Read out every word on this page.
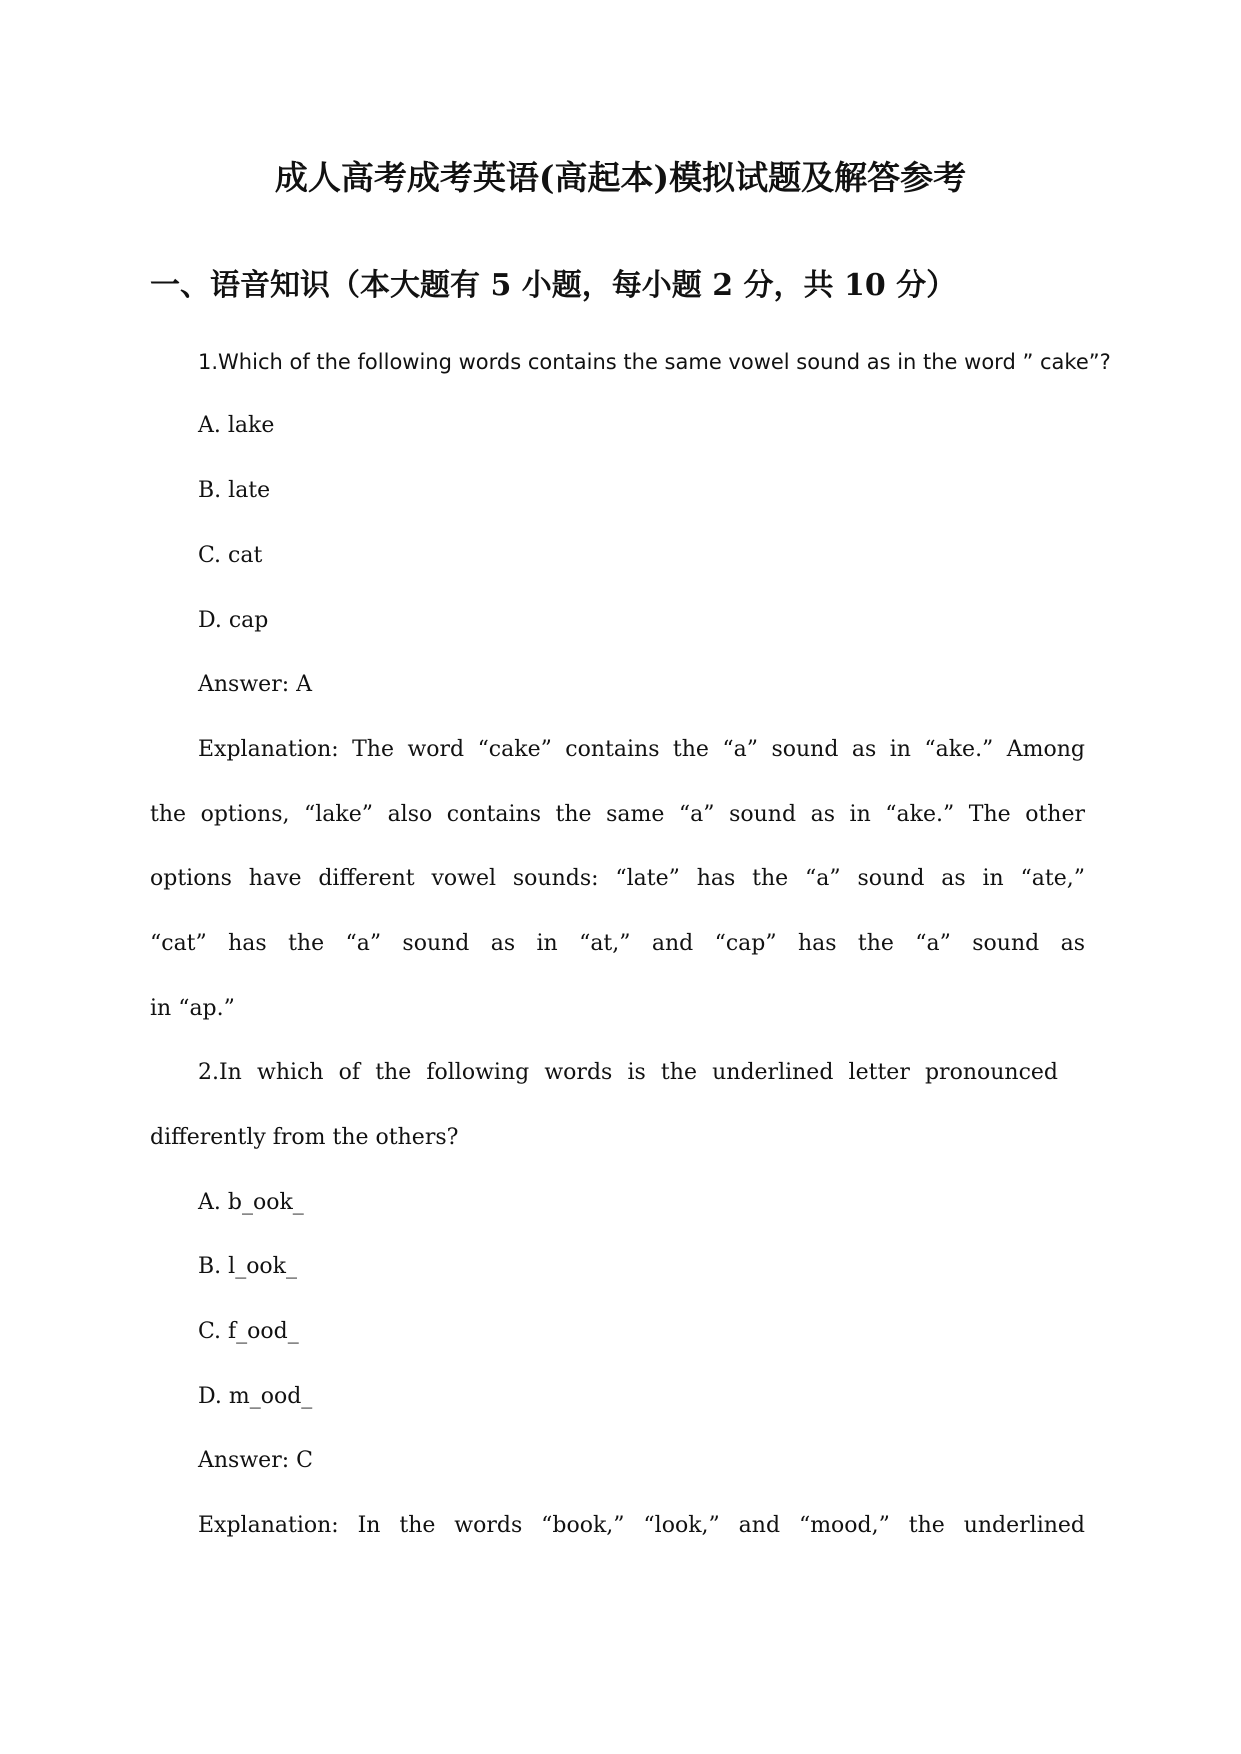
成人高考成考英语(高起本)模拟试题及解答参考
一、语音知识（本大题有 5 小题，每小题 2 分，共 10 分）
1.Which of the following words contains the same vowel sound as in the word ” cake”?
A. lake
B. late
C. cat
D. cap
Answer: A
Explanation: The word “cake” contains the “a” sound as in “ake.” Among
the options, “lake” also contains the same “a” sound as in “ake.” The other
options have different vowel sounds: “late” has the “a” sound as in “ate,”
“cat” has the “a” sound as in “at,” and “cap” has the “a” sound as
in “ap.”
2.In which of the following words is the underlined letter pronounced
differently from the others?
A. b_ook_
B. l_ook_
C. f_ood_
D. m_ood_
Answer: C
Explanation: In the words “book,” “look,” and “mood,” the underlined
